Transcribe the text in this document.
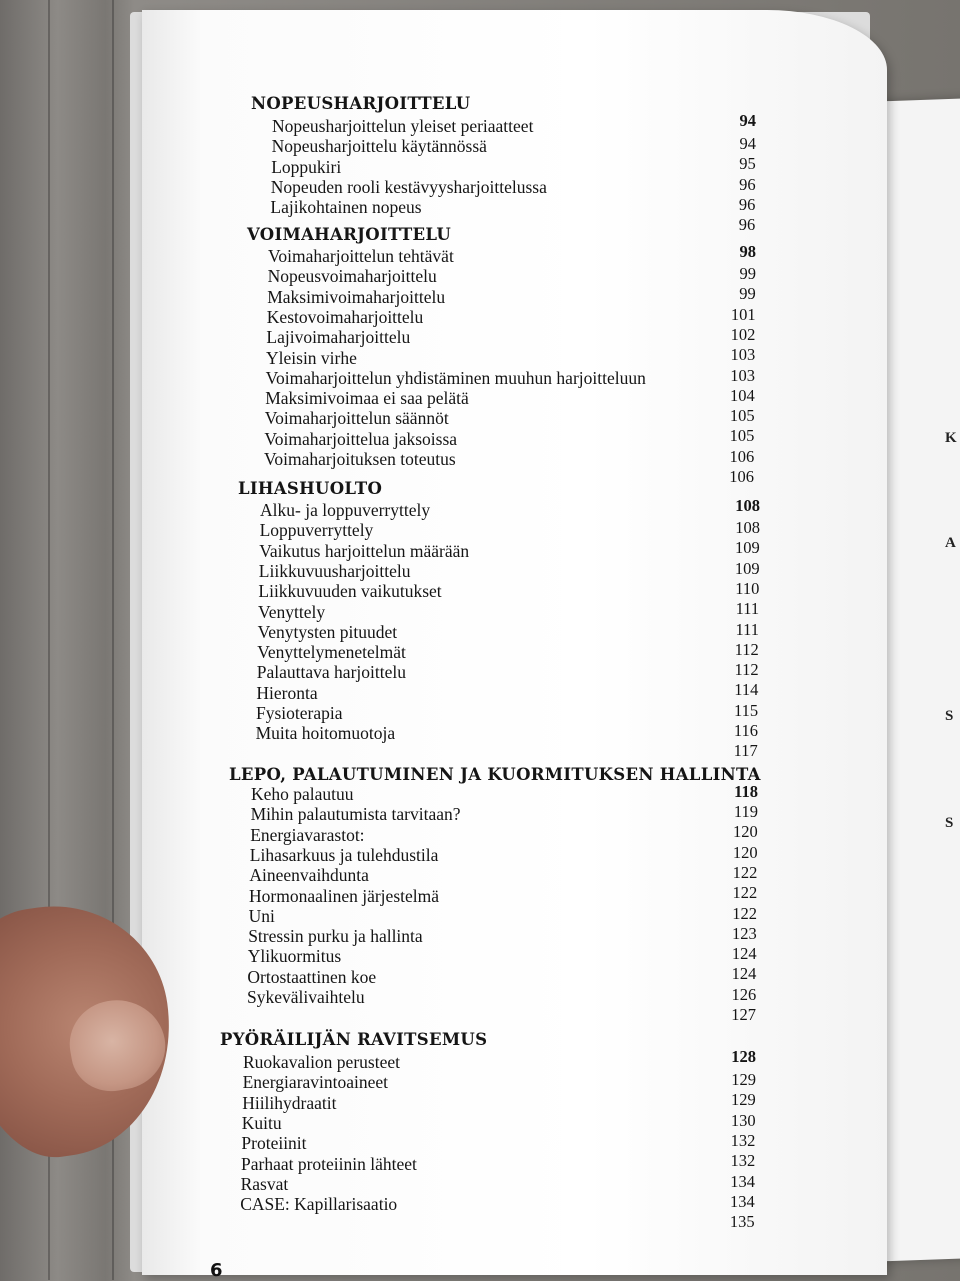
K
A
S
S
NOPEUSHARJOITTELU
94
Nopeusharjoittelun yleiset periaatteet
94
Nopeusharjoittelu käytännössä
95
Loppukiri
96
Nopeuden rooli kestävyysharjoittelussa
96
Lajikohtainen nopeus
96
VOIMAHARJOITTELU
98
Voimaharjoittelun tehtävät
99
Nopeusvoimaharjoittelu
99
Maksimivoimaharjoittelu
101
Kestovoimaharjoittelu
102
Lajivoimaharjoittelu
103
Yleisin virhe
103
Voimaharjoittelun yhdistäminen muuhun harjoitteluun
104
Maksimivoimaa ei saa pelätä
105
Voimaharjoittelun säännöt
105
Voimaharjoittelua jaksoissa
106
Voimaharjoituksen toteutus
106
LIHASHUOLTO
108
Alku- ja loppuverryttely
108
Loppuverryttely
109
Vaikutus harjoittelun määrään
109
Liikkuvuusharjoittelu
110
Liikkuvuuden vaikutukset
111
Venyttely
111
Venytysten pituudet
112
Venyttelymenetelmät
112
Palauttava harjoittelu
114
Hieronta
115
Fysioterapia
116
Muita hoitomuotoja
117
LEPO, PALAUTUMINEN JA KUORMITUKSEN HALLINTA
118
Keho palautuu
119
Mihin palautumista tarvitaan?
120
Energiavarastot:
120
Lihasarkuus ja tulehdustila
122
Aineenvaihdunta
122
Hormonaalinen järjestelmä
122
Uni
123
Stressin purku ja hallinta
124
Ylikuormitus
124
Ortostaattinen koe
126
Sykevälivaihtelu
127
PYÖRÄILIJÄN RAVITSEMUS
128
Ruokavalion perusteet
129
Energiaravintoaineet
129
Hiilihydraatit
130
Kuitu
132
Proteiinit
132
Parhaat proteiinin lähteet
134
Rasvat
134
CASE: Kapillarisaatio
135
6
